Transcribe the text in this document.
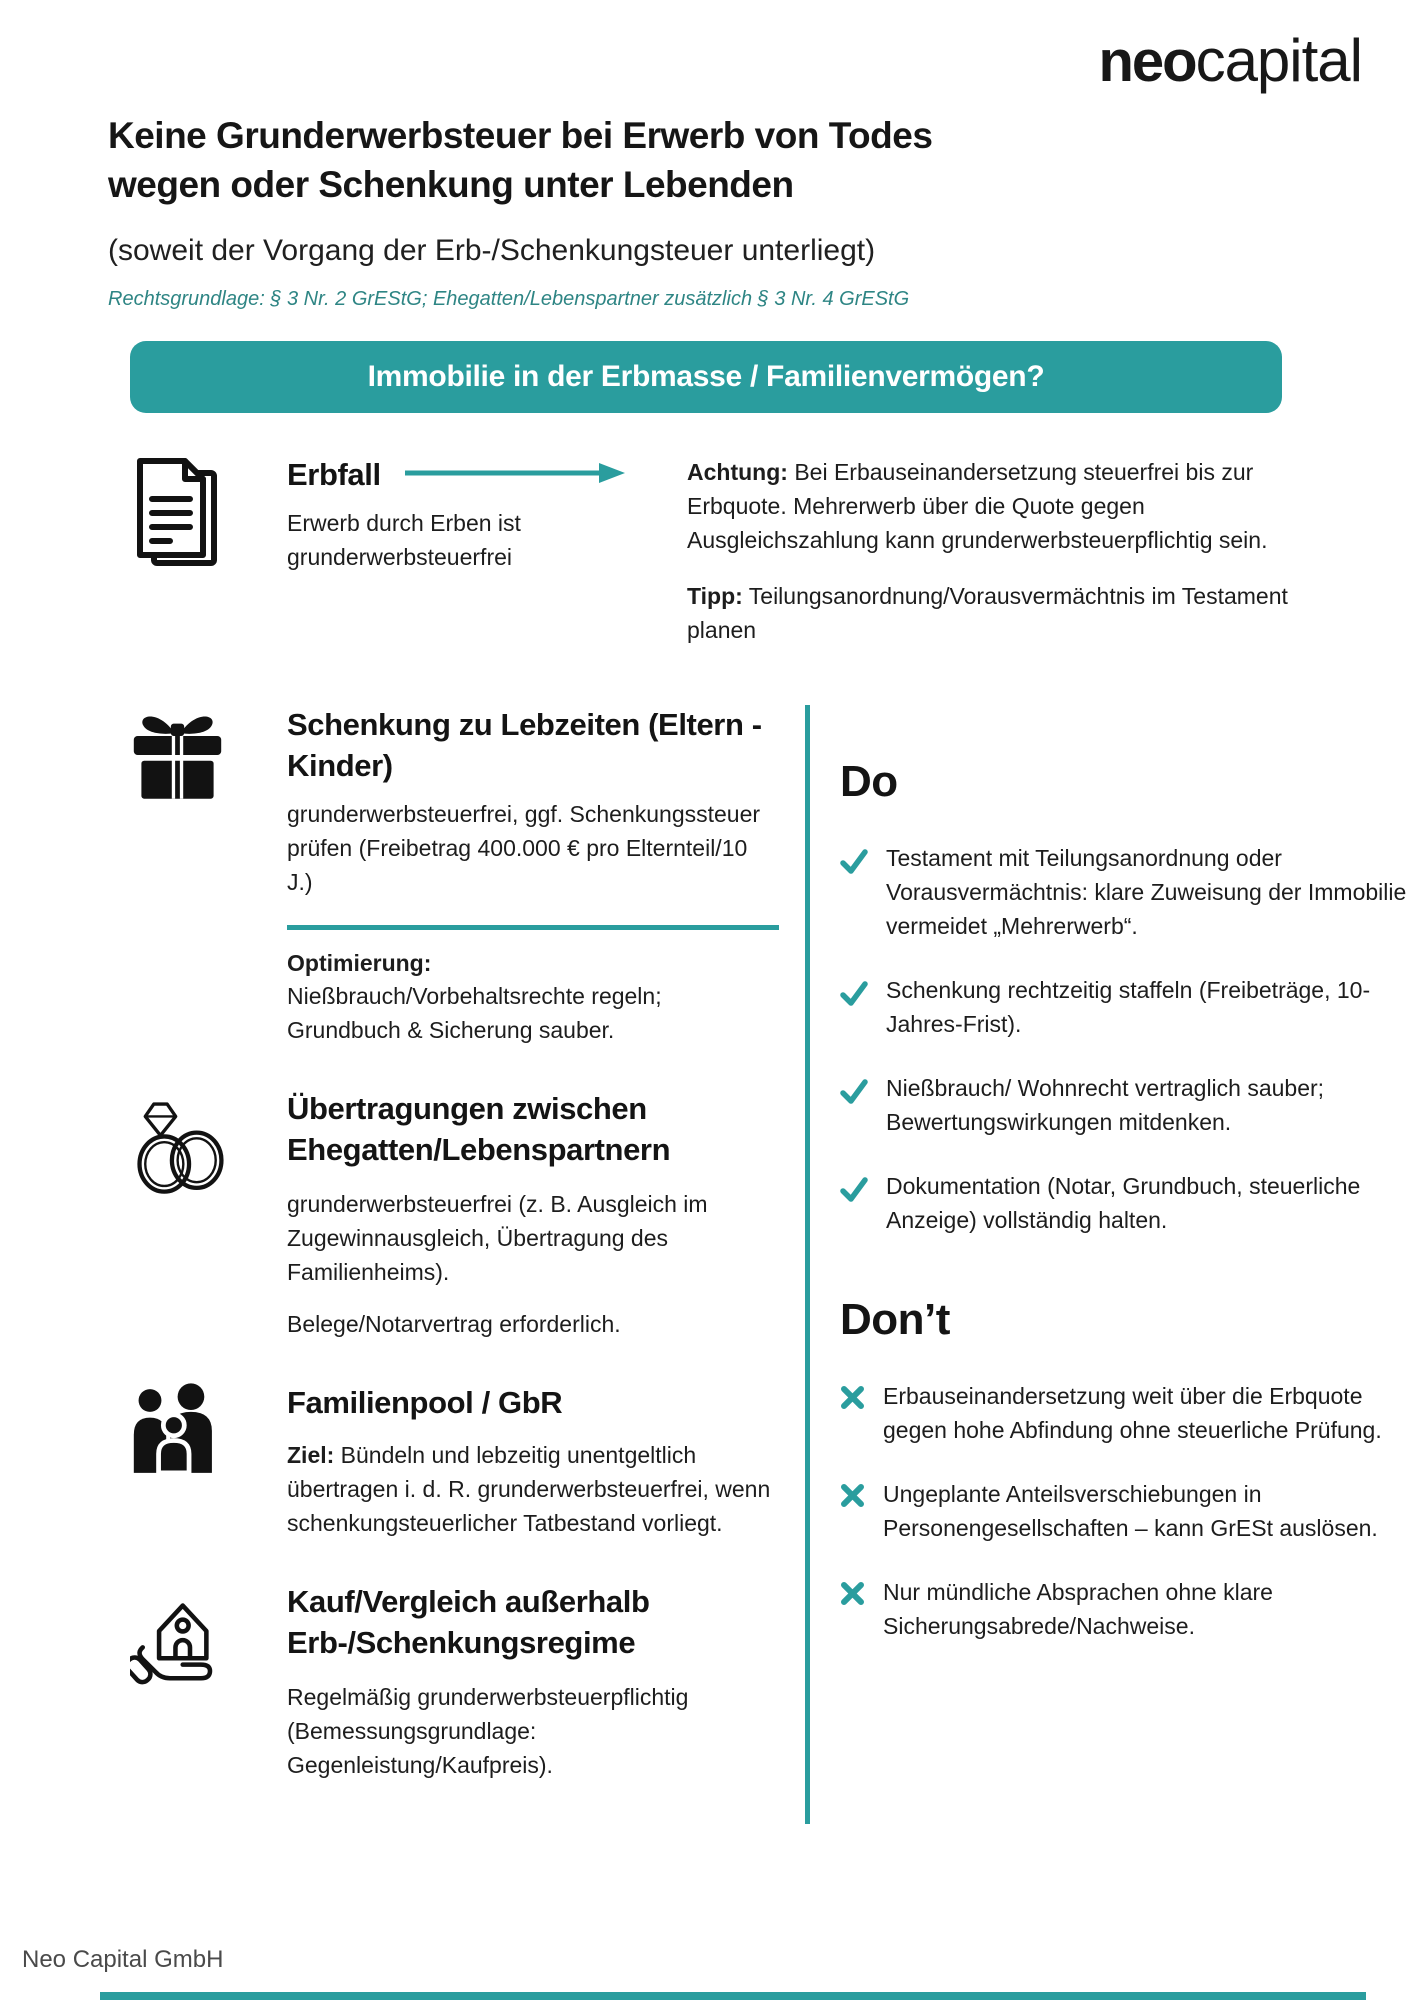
neo capital
Keine Grunderwerbsteuer bei Erwerb von Todes wegen oder Schenkung unter Lebenden

(soweit der Vorgang der Erb-/Schenkungsteuer unterliegt)

Rechtsgrundlage: § 3 Nr. 2 GrEStG; Ehegatten/Lebenspartner zusätzlich § 3 Nr. 4 GrEStG

Immobilie in der Erbmasse / Familienvermögen?
Erbfall

Erwerb durch Erben ist grunderwerbsteuerfrei

Achtung: Bei Erbauseinandersetzung steuerfrei bis zur Erbquote. Mehrerwerb über die Quote gegen Ausgleichszahlung kann grunderwerbsteuerpflichtig sein.

Tipp: Teilungsanordnung/Vorausvermächtnis im Testament planen

Schenkung zu Lebzeiten (Eltern - Kinder)

grunderwerbsteuerfrei, ggf. Schenkungssteuer prüfen (Freibetrag 400.000 € pro Elternteil/10 J.)

Optimierung:

Nießbrauch/Vorbehaltsrechte regeln; Grundbuch & Sicherung sauber.

Übertragungen zwischen Ehegatten/Lebenspartnern

grunderwerbsteuerfrei (z. B. Ausgleich im Zugewinnausgleich, Übertragung des Familienheims).

Belege/Notarvertrag erforderlich.

Familienpool / GbR

Ziel: Bündeln und lebzeitig unentgeltlich übertragen i. d. R. grunderwerbsteuerfrei, wenn schenkungsteuerlicher Tatbestand vorliegt.

Kauf/Vergleich außerhalb Erb-/Schenkungsregime

Regelmäßig grunderwerbsteuerpflichtig (Bemessungsgrundlage: Gegenleistung/Kaufpreis).

Do
Testament mit Teilungsanordnung oder Vorausvermächtnis: klare Zuweisung der Immobilie vermeidet „Mehrerwerb“.
Schenkung rechtzeitig staffeln (Freibeträge, 10-Jahres-Frist).
Nießbrauch/ Wohnrecht vertraglich sauber; Bewertungswirkungen mitdenken.
Dokumentation (Notar, Grundbuch, steuerliche Anzeige) vollständig halten.
Don’t
Erbauseinandersetzung weit über die Erbquote gegen hohe Abfindung ohne steuerliche Prüfung.
Ungeplante Anteilsverschiebungen in Personengesellschaften – kann GrESt auslösen.
Nur mündliche Absprachen ohne klare Sicherungsabrede/Nachweise.
Neo Capital GmbH
